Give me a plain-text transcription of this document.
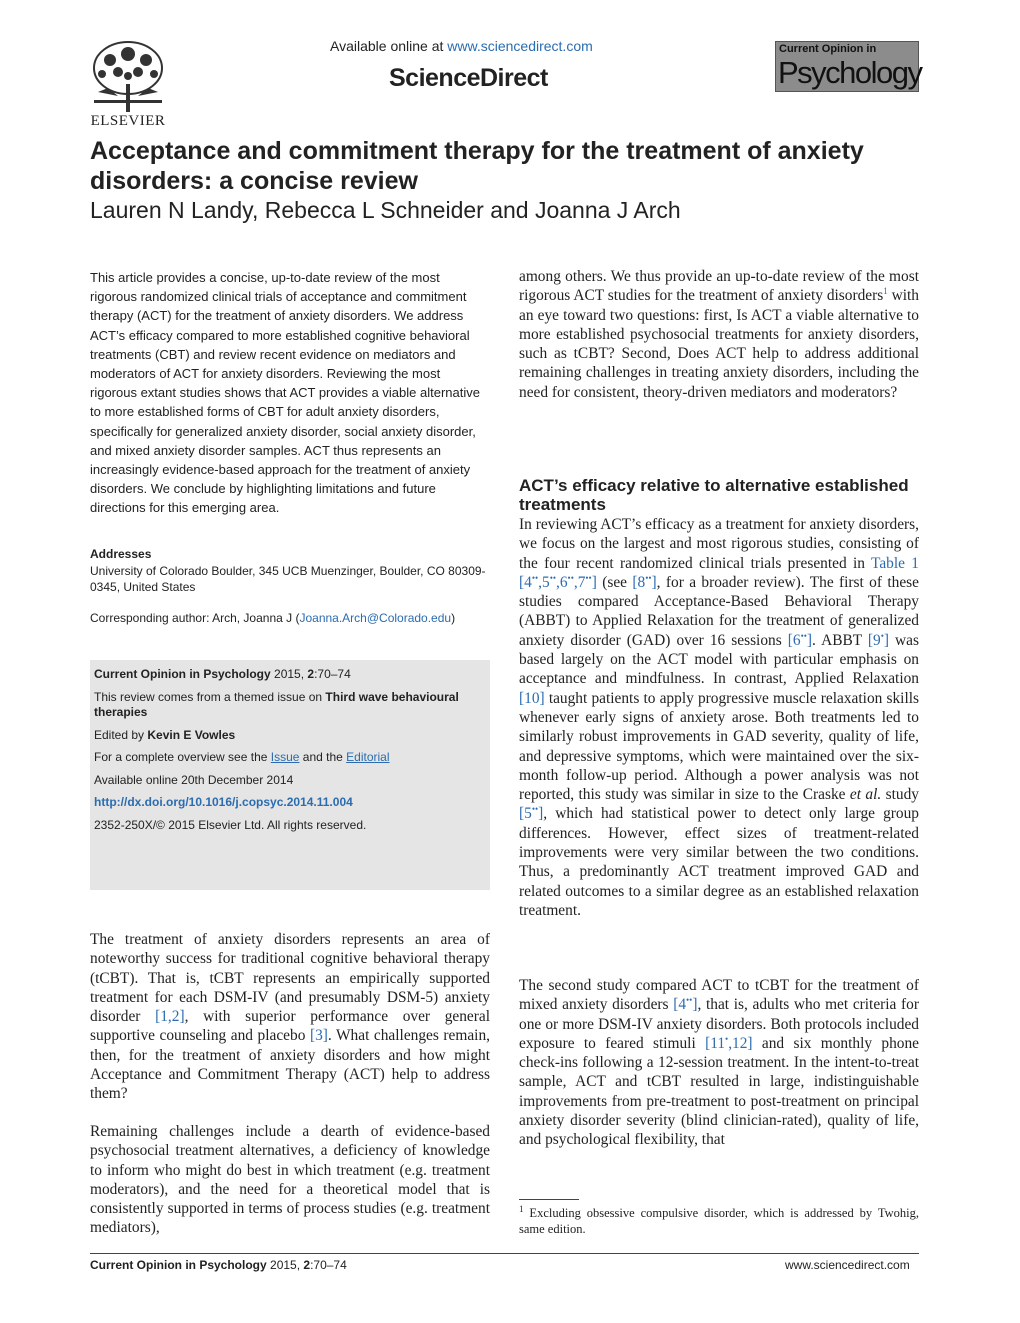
ELSEVIER
Available online at www.sciencedirect.com
ScienceDirect
Current Opinion in
Psychology
Acceptance and commitment therapy for the treatment of anxiety disorders: a concise review
Lauren N Landy, Rebecca L Schneider and Joanna J Arch
This article provides a concise, up-to-date review of the most rigorous randomized clinical trials of acceptance and commitment therapy (ACT) for the treatment of anxiety disorders. We address ACT’s efficacy compared to more established cognitive behavioral treatments (CBT) and review recent evidence on mediators and moderators of ACT for anxiety disorders. Reviewing the most rigorous extant studies shows that ACT provides a viable alternative to more established forms of CBT for adult anxiety disorders, specifically for generalized anxiety disorder, social anxiety disorder, and mixed anxiety disorder samples. ACT thus represents an increasingly evidence-based approach for the treatment of anxiety disorders. We conclude by highlighting limitations and future directions for this emerging area.
Addresses
University of Colorado Boulder, 345 UCB Muenzinger, Boulder, CO 80309-0345, United States
Corresponding author: Arch, Joanna J (Joanna.Arch@Colorado.edu)
Current Opinion in Psychology 2015, 2:70–74
This review comes from a themed issue on Third wave behavioural therapies
Edited by Kevin E Vowles
For a complete overview see the Issue and the Editorial
Available online 20th December 2014
http://dx.doi.org/10.1016/j.copsyc.2014.11.004
2352-250X/© 2015 Elsevier Ltd. All rights reserved.
The treatment of anxiety disorders represents an area of noteworthy success for traditional cognitive behavioral therapy (tCBT). That is, tCBT represents an empirically supported treatment for each DSM-IV (and presumably DSM-5) anxiety disorder [1,2], with superior performance over general supportive counseling and placebo [3]. What challenges remain, then, for the treatment of anxiety disorders and how might Acceptance and Commitment Therapy (ACT) help to address them?
Remaining challenges include a dearth of evidence-based psychosocial treatment alternatives, a deficiency of knowledge to inform who might do best in which treatment (e.g. treatment moderators), and the need for a theoretical model that is consistently supported in terms of process studies (e.g. treatment mediators),
among others. We thus provide an up-to-date review of the most rigorous ACT studies for the treatment of anxiety disorders$^1$ with an eye toward two questions: first, Is ACT a viable alternative to more established psychosocial treatments for anxiety disorders, such as tCBT? Second, Does ACT help to address additional remaining challenges in treating anxiety disorders, including the need for consistent, theory-driven mediators and moderators?
ACT’s efficacy relative to alternative established treatments
In reviewing ACT’s efficacy as a treatment for anxiety disorders, we focus on the largest and most rigorous studies, consisting of the four recent randomized clinical trials presented in Table 1 [4••,5••,6••,7••] (see [8••], for a broader review). The first of these studies compared Acceptance-Based Behavioral Therapy (ABBT) to Applied Relaxation for the treatment of generalized anxiety disorder (GAD) over 16 sessions [6••]. ABBT [9•] was based largely on the ACT model with particular emphasis on acceptance and mindfulness. In contrast, Applied Relaxation [10] taught patients to apply progressive muscle relaxation skills whenever early signs of anxiety arose. Both treatments led to similarly robust improvements in GAD severity, quality of life, and depressive symptoms, which were maintained over the six-month follow-up period. Although a power analysis was not reported, this study was similar in size to the Craske et al. study [5••], which had statistical power to detect only large group differences. However, effect sizes of treatment-related improvements were very similar between the two conditions. Thus, a predominantly ACT treatment improved GAD and related outcomes to a similar degree as an established relaxation treatment.
The second study compared ACT to tCBT for the treatment of mixed anxiety disorders [4••], that is, adults who met criteria for one or more DSM-IV anxiety disorders. Both protocols included exposure to feared stimuli [11•,12] and six monthly phone check-ins following a 12-session treatment. In the intent-to-treat sample, ACT and tCBT resulted in large, indistinguishable improvements from pre-treatment to post-treatment on principal anxiety disorder severity (blind clinician-rated), quality of life, and psychological flexibility, that
$^1$ Excluding obsessive compulsive disorder, which is addressed by Twohig, same edition.
Current Opinion in Psychology 2015, 2:70–74	www.sciencedirect.com
